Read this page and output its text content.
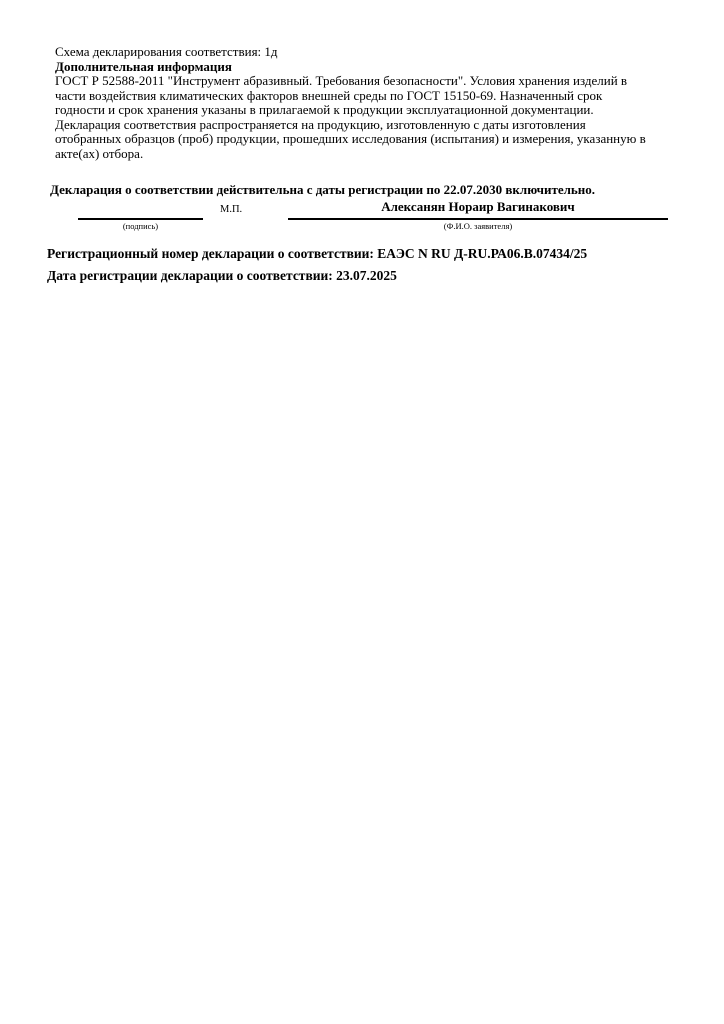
Схема декларирования соответствия: 1д
Дополнительная информация
ГОСТ Р 52588-2011 "Инструмент абразивный. Требования безопасности". Условия хранения изделий в
части воздействия климатических факторов внешней среды по ГОСТ 15150-69. Назначенный срок
годности и срок хранения указаны в прилагаемой к продукции эксплуатационной документации.
Декларация соответствия распространяется на продукцию, изготовленную с даты изготовления
отобранных образцов (проб) продукции, прошедших исследования (испытания) и измерения, указанную в
акте(ах) отбора.
Декларация о соответствии действительна с даты регистрации по 22.07.2030 включительно.
М.П.	Алексанян Нораир Вагинакович
(подпись)	(Ф.И.О. заявителя)
Регистрационный номер декларации о соответствии: ЕАЭС N RU Д-RU.РА06.В.07434/25
Дата регистрации декларации о соответствии: 23.07.2025
